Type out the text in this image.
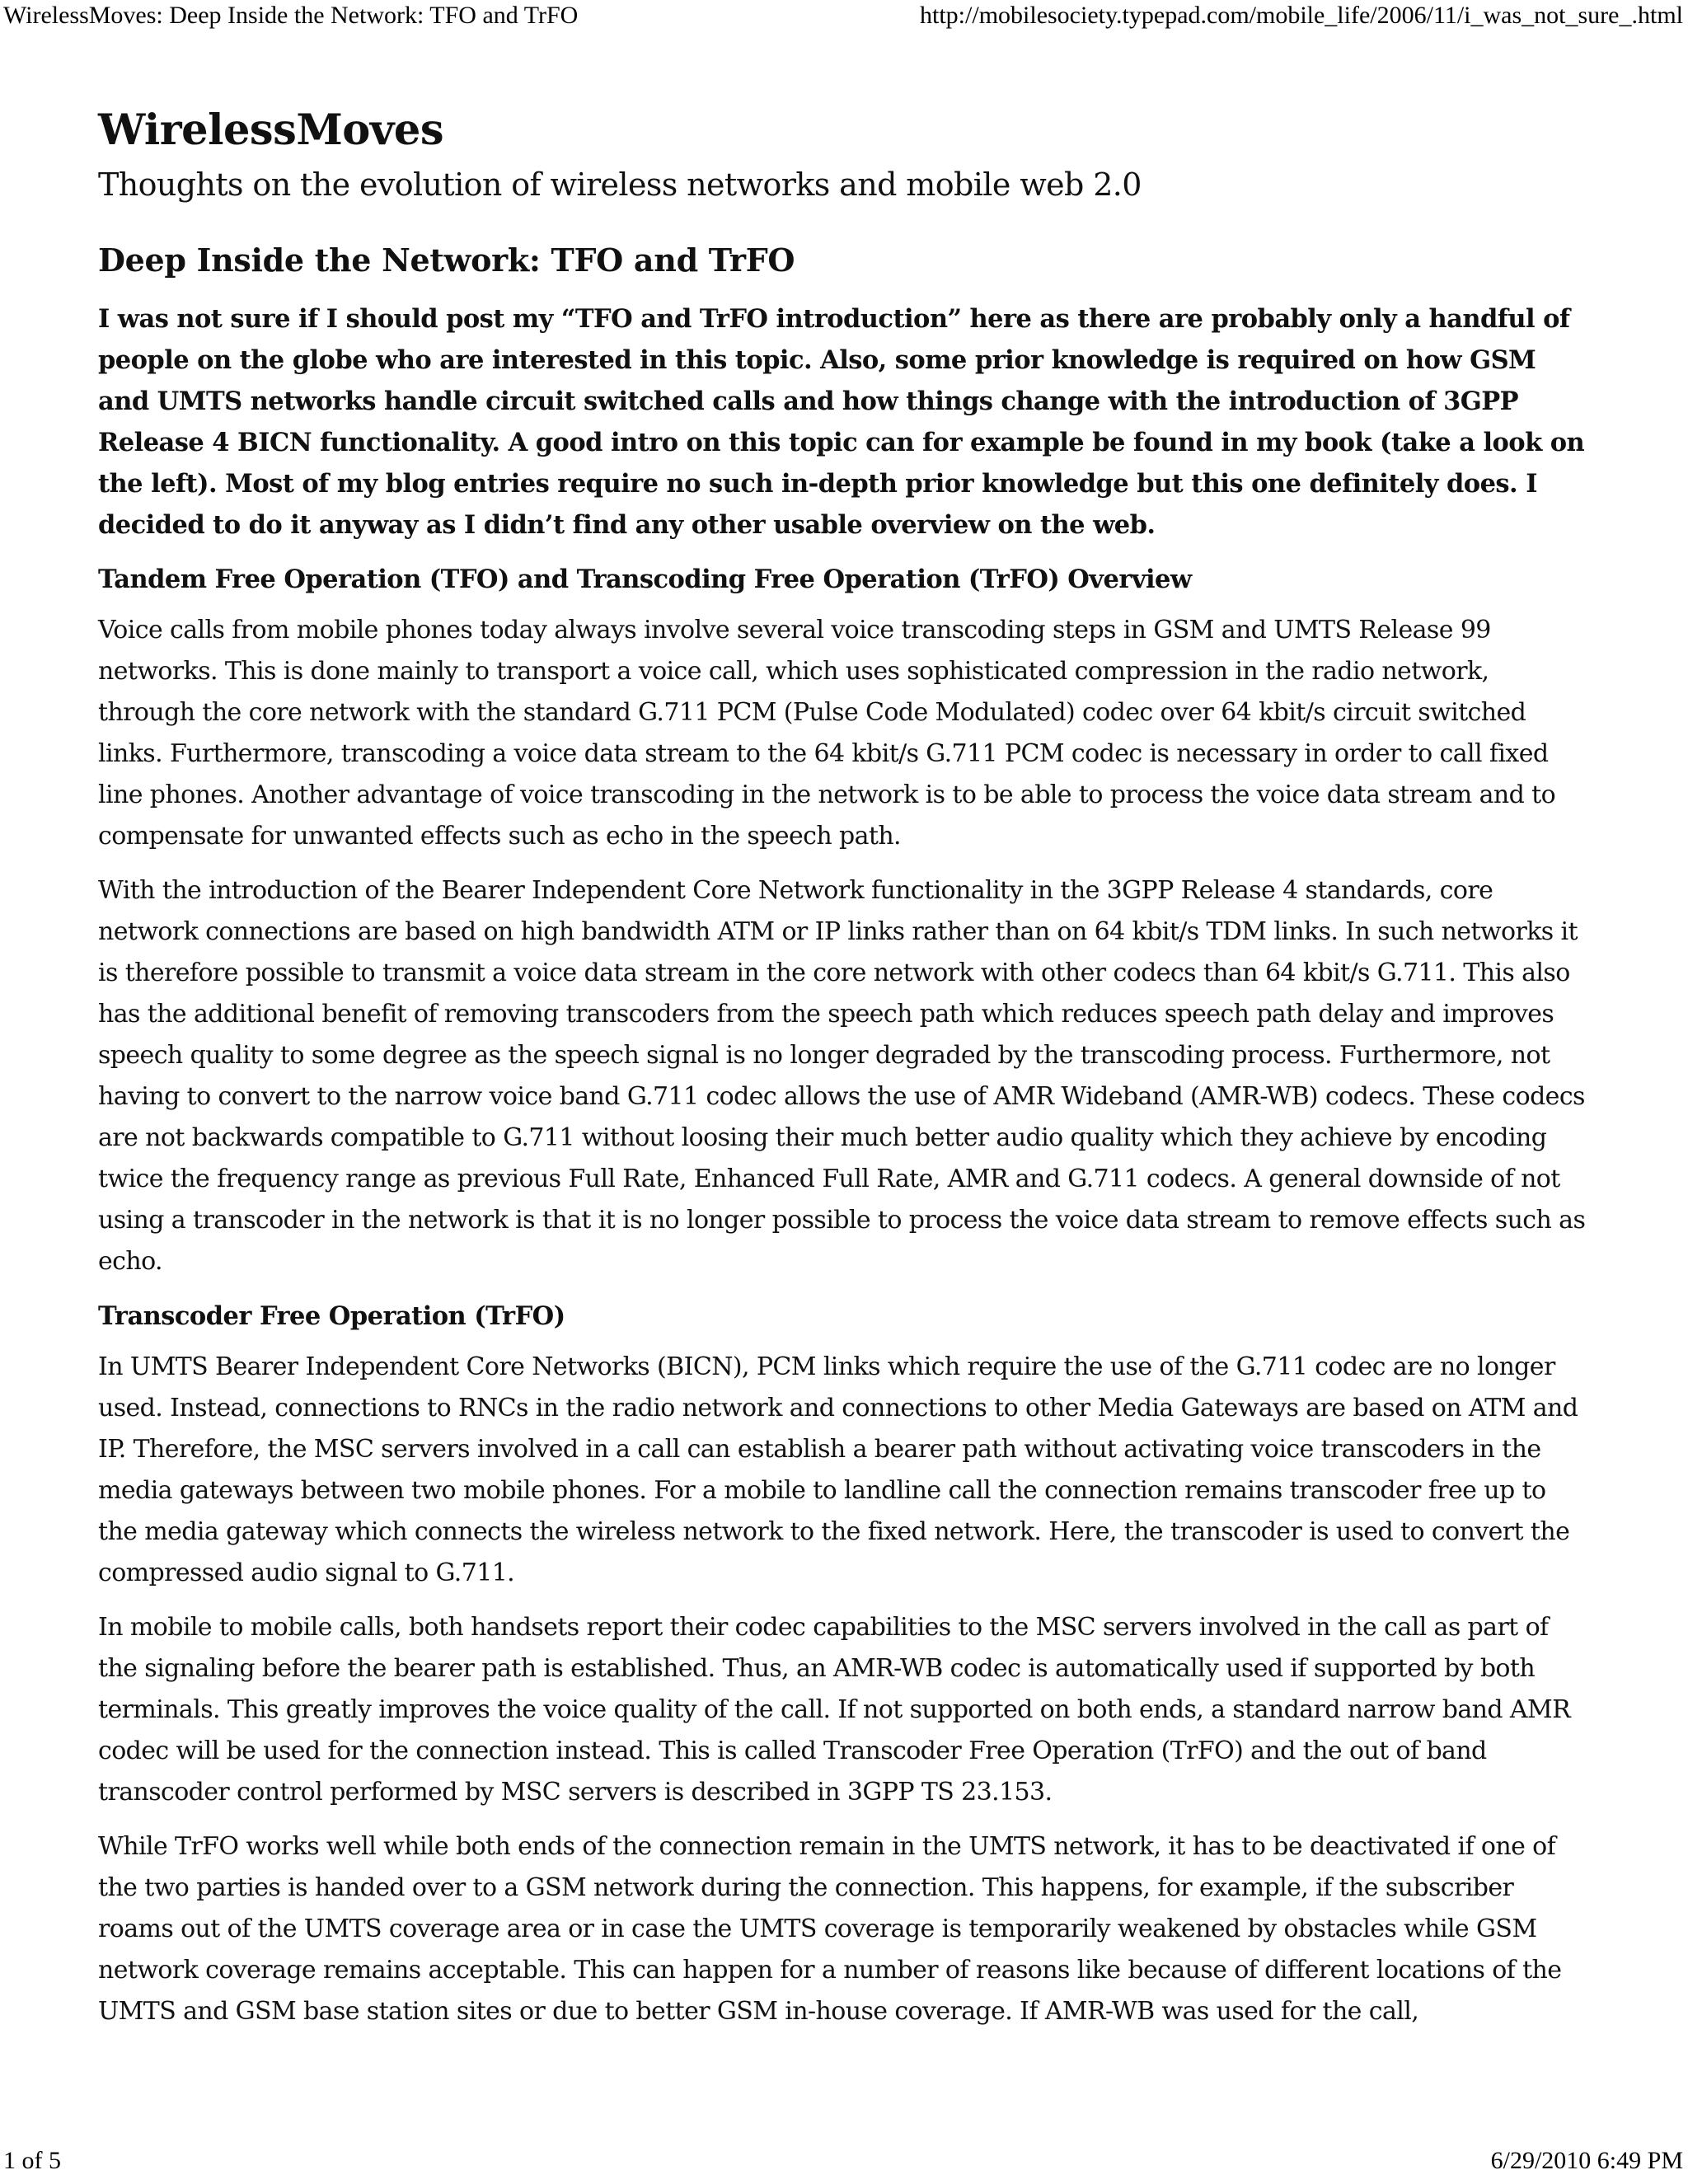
WirelessMoves: Deep Inside the Network: TFO and TrFO	http://mobilesociety.typepad.com/mobile_life/2006/11/i_was_not_sure_.html
WirelessMoves
Thoughts on the evolution of wireless networks and mobile web 2.0
Deep Inside the Network: TFO and TrFO

I was not sure if I should post my “TFO and TrFO introduction” here as there are probably only a handful of people on the globe who are interested in this topic. Also, some prior knowledge is required on how GSM and UMTS networks handle circuit switched calls and how things change with the introduction of 3GPP Release 4 BICN functionality. A good intro on this topic can for example be found in my book (take a look on the left). Most of my blog entries require no such in-depth prior knowledge but this one definitely does. I decided to do it anyway as I didn’t find any other usable overview on the web.

Tandem Free Operation (TFO) and Transcoding Free Operation (TrFO) Overview

Voice calls from mobile phones today always involve several voice transcoding steps in GSM and UMTS Release 99 networks. This is done mainly to transport a voice call, which uses sophisticated compression in the radio network, through the core network with the standard G.711 PCM (Pulse Code Modulated) codec over 64 kbit/s circuit switched links. Furthermore, transcoding a voice data stream to the 64 kbit/s G.711 PCM codec is necessary in order to call fixed line phones. Another advantage of voice transcoding in the network is to be able to process the voice data stream and to compensate for unwanted effects such as echo in the speech path.

With the introduction of the Bearer Independent Core Network functionality in the 3GPP Release 4 standards, core network connections are based on high bandwidth ATM or IP links rather than on 64 kbit/s TDM links. In such networks it is therefore possible to transmit a voice data stream in the core network with other codecs than 64 kbit/s G.711. This also has the additional benefit of removing transcoders from the speech path which reduces speech path delay and improves speech quality to some degree as the speech signal is no longer degraded by the transcoding process. Furthermore, not having to convert to the narrow voice band G.711 codec allows the use of AMR Wideband (AMR-WB) codecs. These codecs are not backwards compatible to G.711 without loosing their much better audio quality which they achieve by encoding twice the frequency range as previous Full Rate, Enhanced Full Rate, AMR and G.711 codecs. A general downside of not using a transcoder in the network is that it is no longer possible to process the voice data stream to remove effects such as echo.

Transcoder Free Operation (TrFO)

In UMTS Bearer Independent Core Networks (BICN), PCM links which require the use of the G.711 codec are no longer used. Instead, connections to RNCs in the radio network and connections to other Media Gateways are based on ATM and IP. Therefore, the MSC servers involved in a call can establish a bearer path without activating voice transcoders in the media gateways between two mobile phones. For a mobile to landline call the connection remains transcoder free up to the media gateway which connects the wireless network to the fixed network. Here, the transcoder is used to convert the compressed audio signal to G.711.

In mobile to mobile calls, both handsets report their codec capabilities to the MSC servers involved in the call as part of the signaling before the bearer path is established. Thus, an AMR-WB codec is automatically used if supported by both terminals. This greatly improves the voice quality of the call. If not supported on both ends, a standard narrow band AMR codec will be used for the connection instead. This is called Transcoder Free Operation (TrFO) and the out of band transcoder control performed by MSC servers is described in 3GPP TS 23.153.

While TrFO works well while both ends of the connection remain in the UMTS network, it has to be deactivated if one of the two parties is handed over to a GSM network during the connection. This happens, for example, if the subscriber roams out of the UMTS coverage area or in case the UMTS coverage is temporarily weakened by obstacles while GSM network coverage remains acceptable. This can happen for a number of reasons like because of different locations of the UMTS and GSM base station sites or due to better GSM in-house coverage. If AMR-WB was used for the call,

1 of 5	6/29/2010 6:49 PM
